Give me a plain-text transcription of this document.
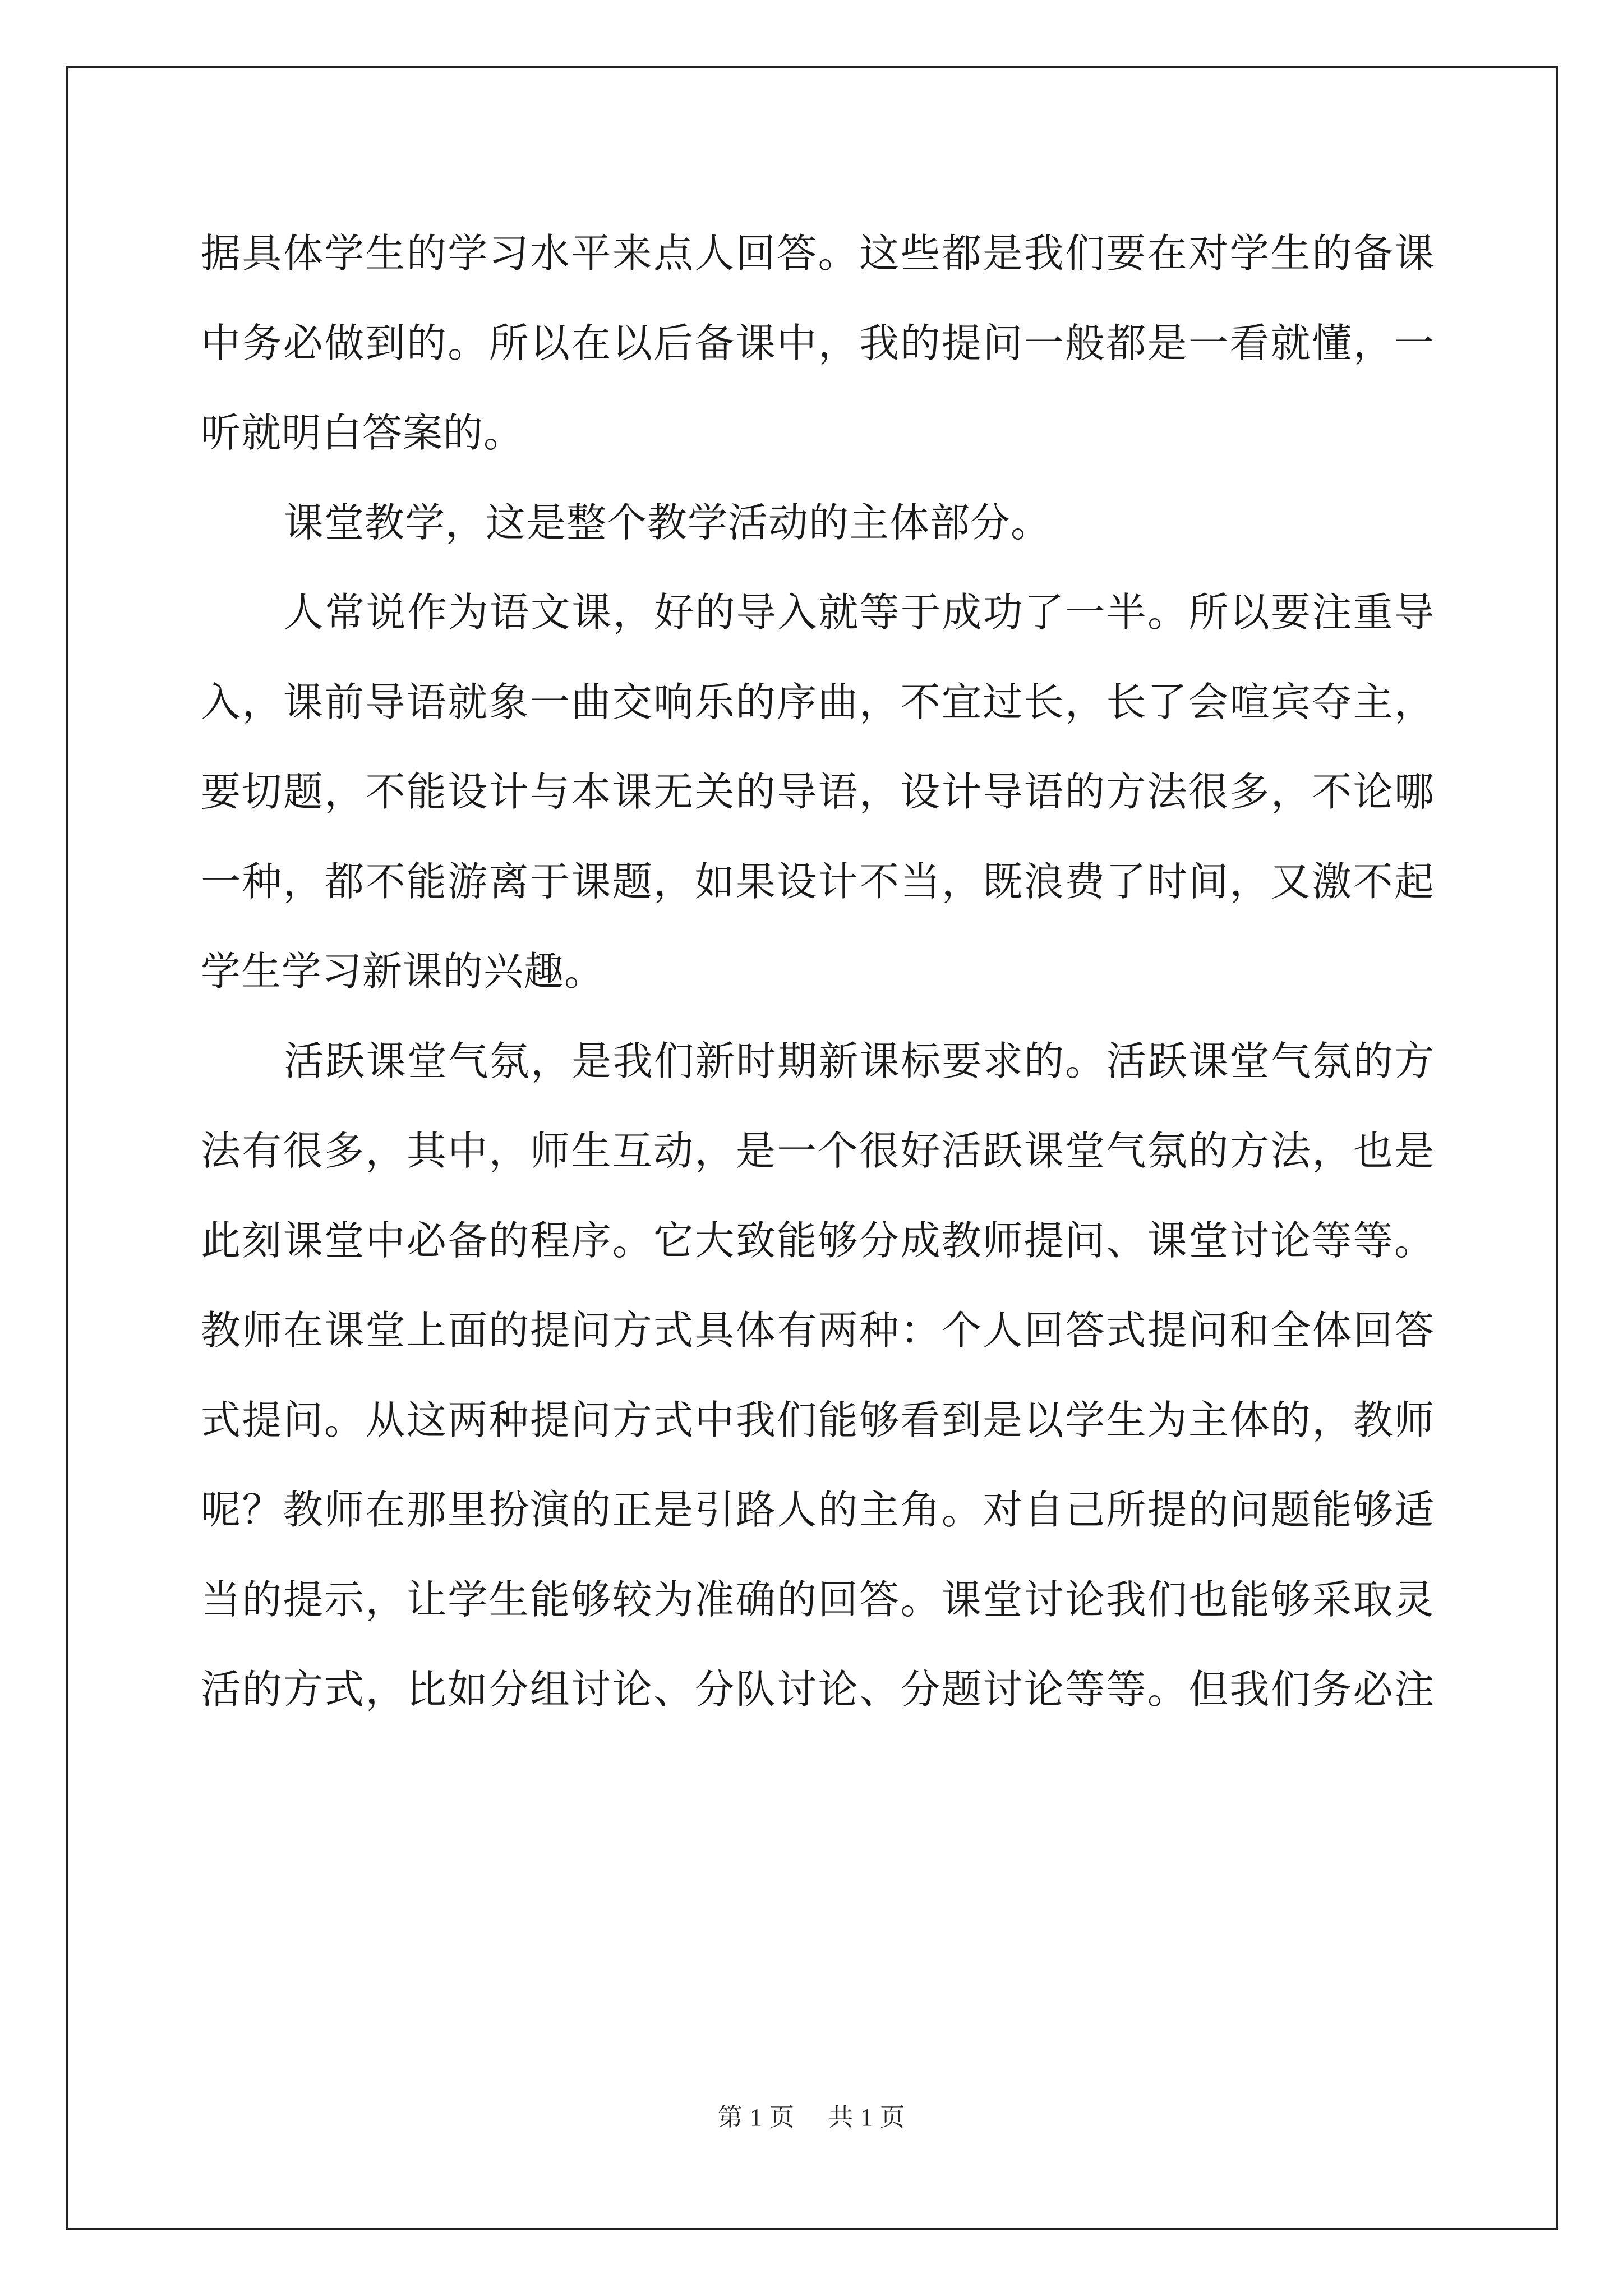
据具体学生的学习水平来点人回答。这些都是我们要在对学生的备课
中务必做到的。所以在以后备课中，我的提问一般都是一看就懂，一
听就明白答案的。
课堂教学，这是整个教学活动的主体部分。
人常说作为语文课，好的导入就等于成功了一半。所以要注重导
入，课前导语就象一曲交响乐的序曲，不宜过长，长了会喧宾夺主，
要切题，不能设计与本课无关的导语，设计导语的方法很多，不论哪
一种，都不能游离于课题，如果设计不当，既浪费了时间，又激不起
学生学习新课的兴趣。
活跃课堂气氛，是我们新时期新课标要求的。活跃课堂气氛的方
法有很多，其中，师生互动，是一个很好活跃课堂气氛的方法，也是
此刻课堂中必备的程序。它大致能够分成教师提问、课堂讨论等等。
教师在课堂上面的提问方式具体有两种：个人回答式提问和全体回答
式提问。从这两种提问方式中我们能够看到是以学生为主体的，教师
呢？教师在那里扮演的正是引路人的主角。对自己所提的问题能够适
当的提示，让学生能够较为准确的回答。课堂讨论我们也能够采取灵
活的方式，比如分组讨论、分队讨论、分题讨论等等。但我们务必注
第 1 页 共 1 页
